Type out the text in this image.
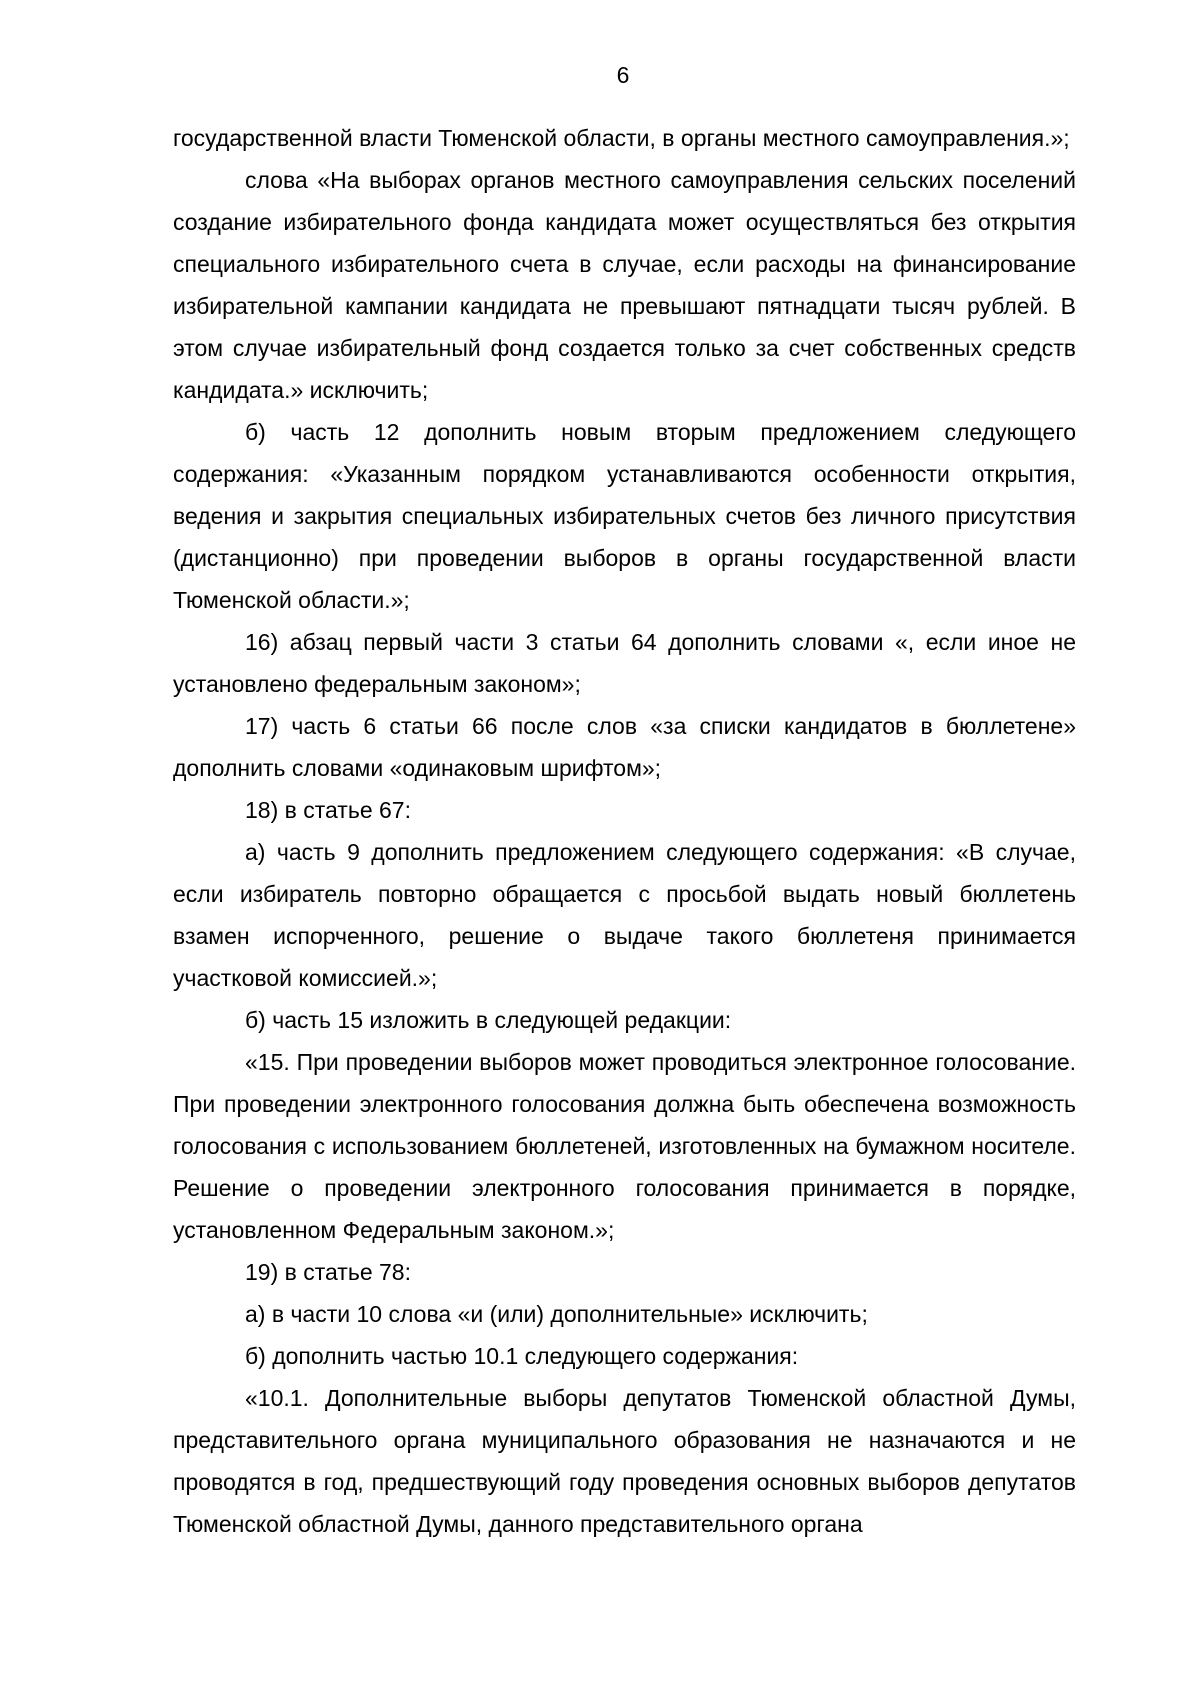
6

государственной власти Тюменской области, в органы местного самоуправления.»;

слова «На выборах органов местного самоуправления сельских поселений создание избирательного фонда кандидата может осуществляться без открытия специального избирательного счета в случае, если расходы на финансирование избирательной кампании кандидата не превышают пятнадцати тысяч рублей. В этом случае избирательный фонд создается только за счет собственных средств кандидата.» исключить;

б) часть 12 дополнить новым вторым предложением следующего содержания: «Указанным порядком устанавливаются особенности открытия, ведения и закрытия специальных избирательных счетов без личного присутствия (дистанционно) при проведении выборов в органы государственной власти Тюменской области.»;

16) абзац первый части 3 статьи 64 дополнить словами «, если иное не установлено федеральным законом»;

17) часть 6 статьи 66 после слов «за списки кандидатов в бюллетене» дополнить словами «одинаковым шрифтом»;

18) в статье 67:

а) часть 9 дополнить предложением следующего содержания: «В случае, если избиратель повторно обращается с просьбой выдать новый бюллетень взамен испорченного, решение о выдаче такого бюллетеня принимается участковой комиссией.»;

б) часть 15 изложить в следующей редакции:

«15. При проведении выборов может проводиться электронное голосование. При проведении электронного голосования должна быть обеспечена возможность голосования с использованием бюллетеней, изготовленных на бумажном носителе. Решение о проведении электронного голосования принимается в порядке, установленном Федеральным законом.»;

19) в статье 78:

а) в части 10 слова «и (или) дополнительные» исключить;

б) дополнить частью 10.1 следующего содержания:

«10.1. Дополнительные выборы депутатов Тюменской областной Думы, представительного органа муниципального образования не назначаются и не проводятся в год, предшествующий году проведения основных выборов депутатов Тюменской областной Думы, данного представительного органа
